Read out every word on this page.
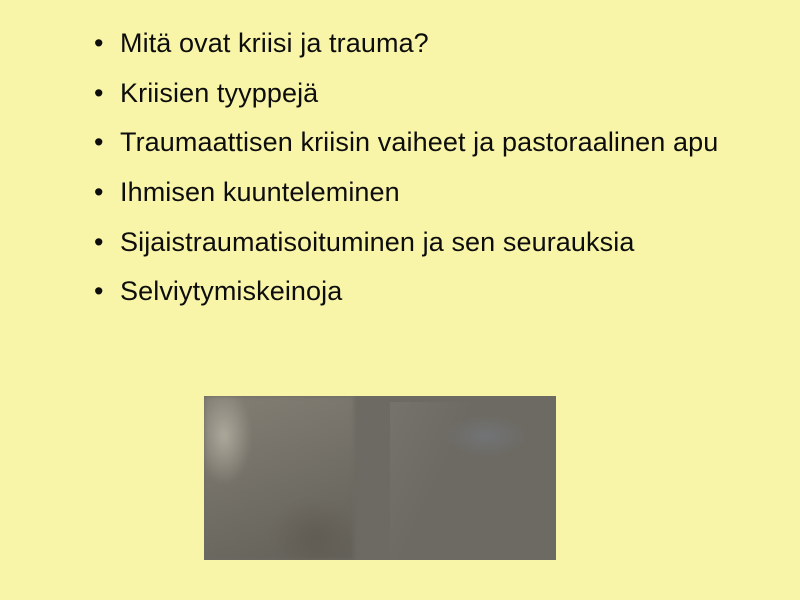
• Mitä ovat kriisi ja trauma?
• Kriisien tyyppejä
• Traumaattisen kriisin vaiheet ja pastoraalinen apu
• Ihmisen kuunteleminen
• Sijaistraumatisoituminen ja sen seurauksia
• Selviytymiskeinoja
